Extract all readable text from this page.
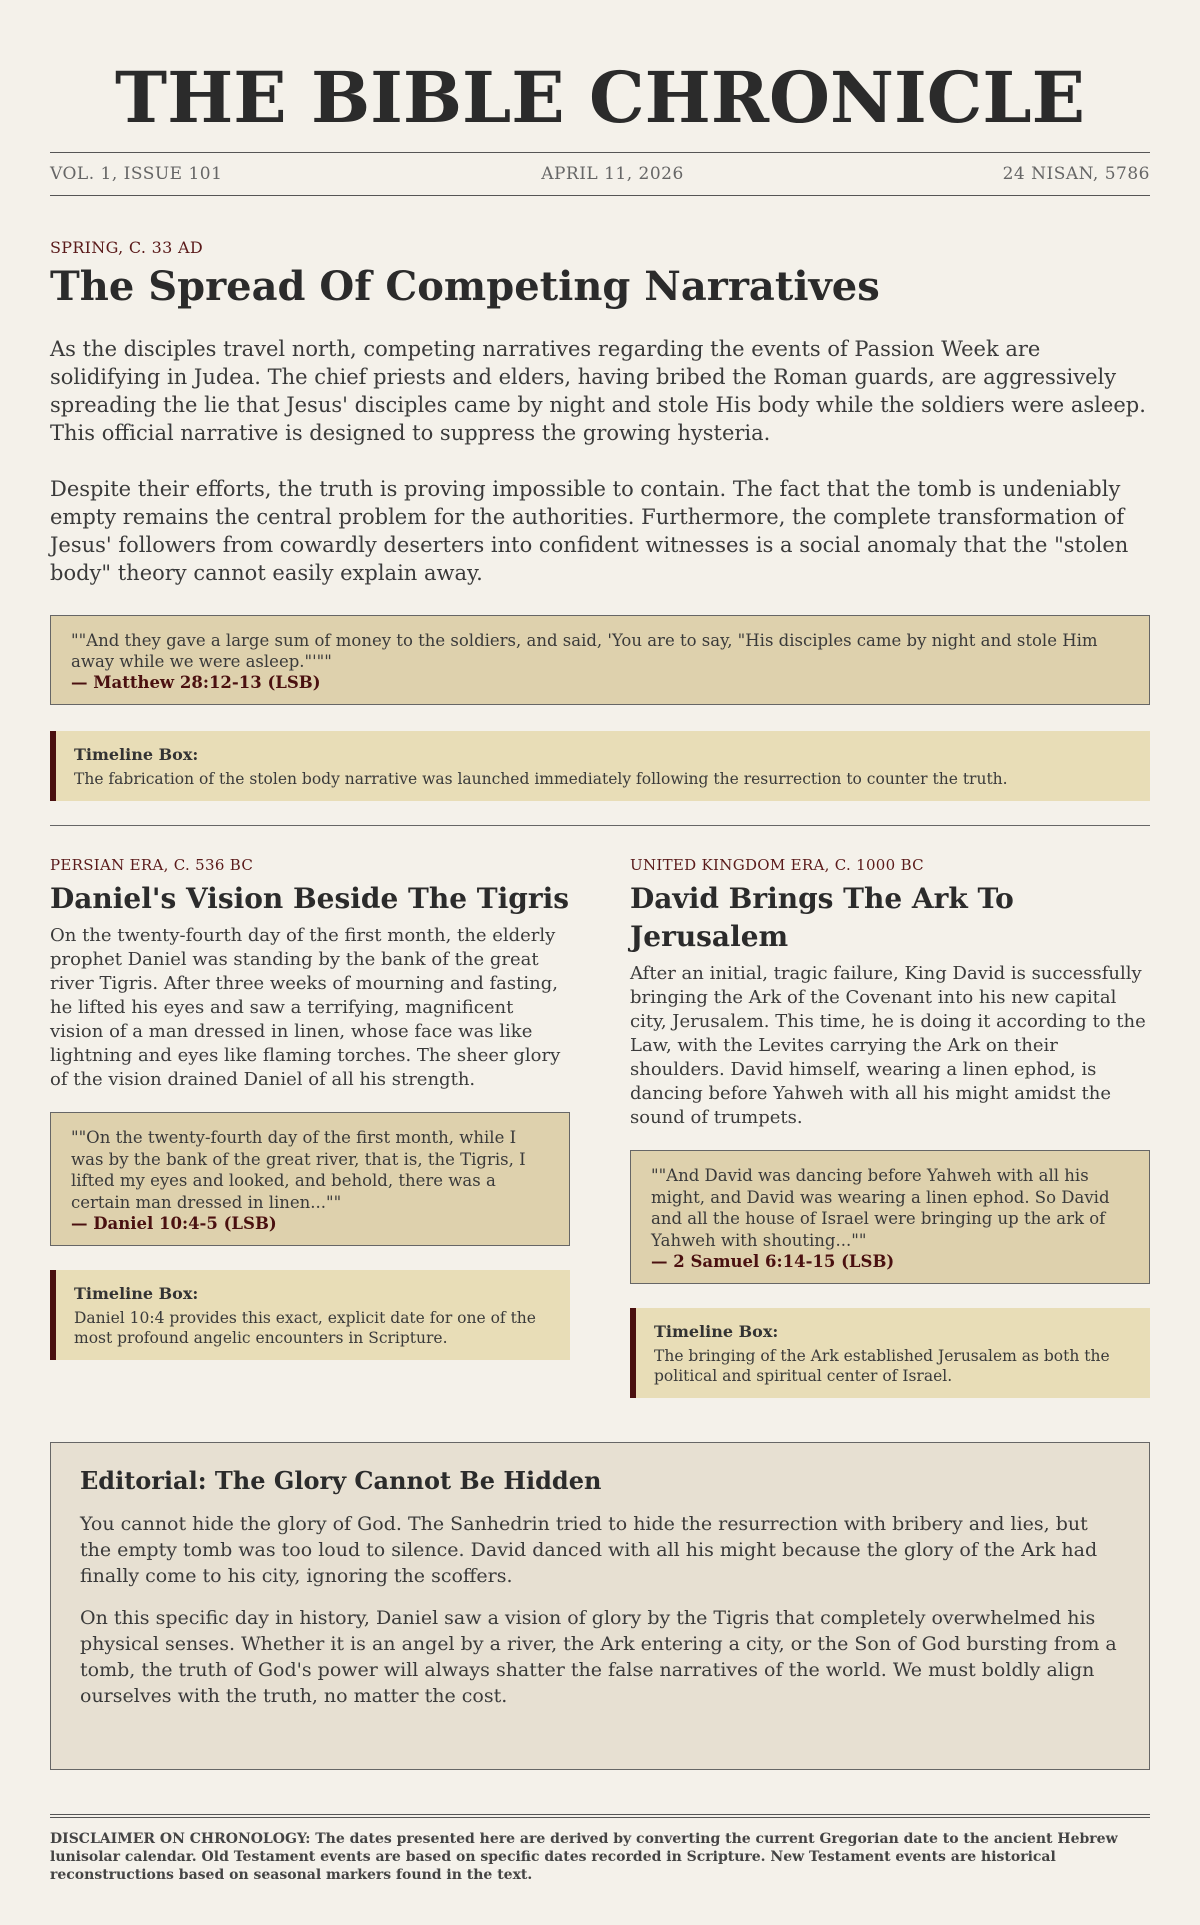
THE BIBLE CHRONICLE
VOL. 1, ISSUE 101	APRIL 11, 2026	24 NISAN, 5786
SPRING, C. 33 AD
The Spread Of Competing Narratives

As the disciples travel north, competing narratives regarding the events of Passion Week are solidifying in Judea. The chief priests and elders, having bribed the Roman guards, are aggressively spreading the lie that Jesus' disciples came by night and stole His body while the soldiers were asleep. This official narrative is designed to suppress the growing hysteria.

Despite their efforts, the truth is proving impossible to contain. The fact that the tomb is undeniably empty remains the central problem for the authorities. Furthermore, the complete transformation of Jesus' followers from cowardly deserters into confident witnesses is a social anomaly that the "stolen body" theory cannot easily explain away.

""And they gave a large sum of money to the soldiers, and said, 'You are to say, "His disciples came by night and stole Him away while we were asleep."'""
— Matthew 28:12-13 (LSB)
Timeline Box:
The fabrication of the stolen body narrative was launched immediately following the resurrection to counter the truth.
PERSIAN ERA, C. 536 BC
Daniel's Vision Beside The Tigris

On the twenty-fourth day of the first month, the elderly prophet Daniel was standing by the bank of the great river Tigris. After three weeks of mourning and fasting, he lifted his eyes and saw a terrifying, magnificent vision of a man dressed in linen, whose face was like lightning and eyes like flaming torches. The sheer glory of the vision drained Daniel of all his strength.

""On the twenty-fourth day of the first month, while I was by the bank of the great river, that is, the Tigris, I lifted my eyes and looked, and behold, there was a certain man dressed in linen...""
— Daniel 10:4-5 (LSB)
Timeline Box:
Daniel 10:4 provides this exact, explicit date for one of the most profound angelic encounters in Scripture.
UNITED KINGDOM ERA, C. 1000 BC
David Brings The Ark To Jerusalem

After an initial, tragic failure, King David is successfully bringing the Ark of the Covenant into his new capital city, Jerusalem. This time, he is doing it according to the Law, with the Levites carrying the Ark on their shoulders. David himself, wearing a linen ephod, is dancing before Yahweh with all his might amidst the sound of trumpets.

""And David was dancing before Yahweh with all his might, and David was wearing a linen ephod. So David and all the house of Israel were bringing up the ark of Yahweh with shouting...""
— 2 Samuel 6:14-15 (LSB)
Timeline Box:
The bringing of the Ark established Jerusalem as both the political and spiritual center of Israel.
Editorial: The Glory Cannot Be Hidden

You cannot hide the glory of God. The Sanhedrin tried to hide the resurrection with bribery and lies, but the empty tomb was too loud to silence. David danced with all his might because the glory of the Ark had finally come to his city, ignoring the scoffers.

On this specific day in history, Daniel saw a vision of glory by the Tigris that completely overwhelmed his physical senses. Whether it is an angel by a river, the Ark entering a city, or the Son of God bursting from a tomb, the truth of God's power will always shatter the false narratives of the world. We must boldly align ourselves with the truth, no matter the cost.

DISCLAIMER ON CHRONOLOGY: The dates presented here are derived by converting the current Gregorian date to the ancient Hebrew lunisolar calendar. Old Testament events are based on specific dates recorded in Scripture. New Testament events are historical reconstructions based on seasonal markers found in the text.
